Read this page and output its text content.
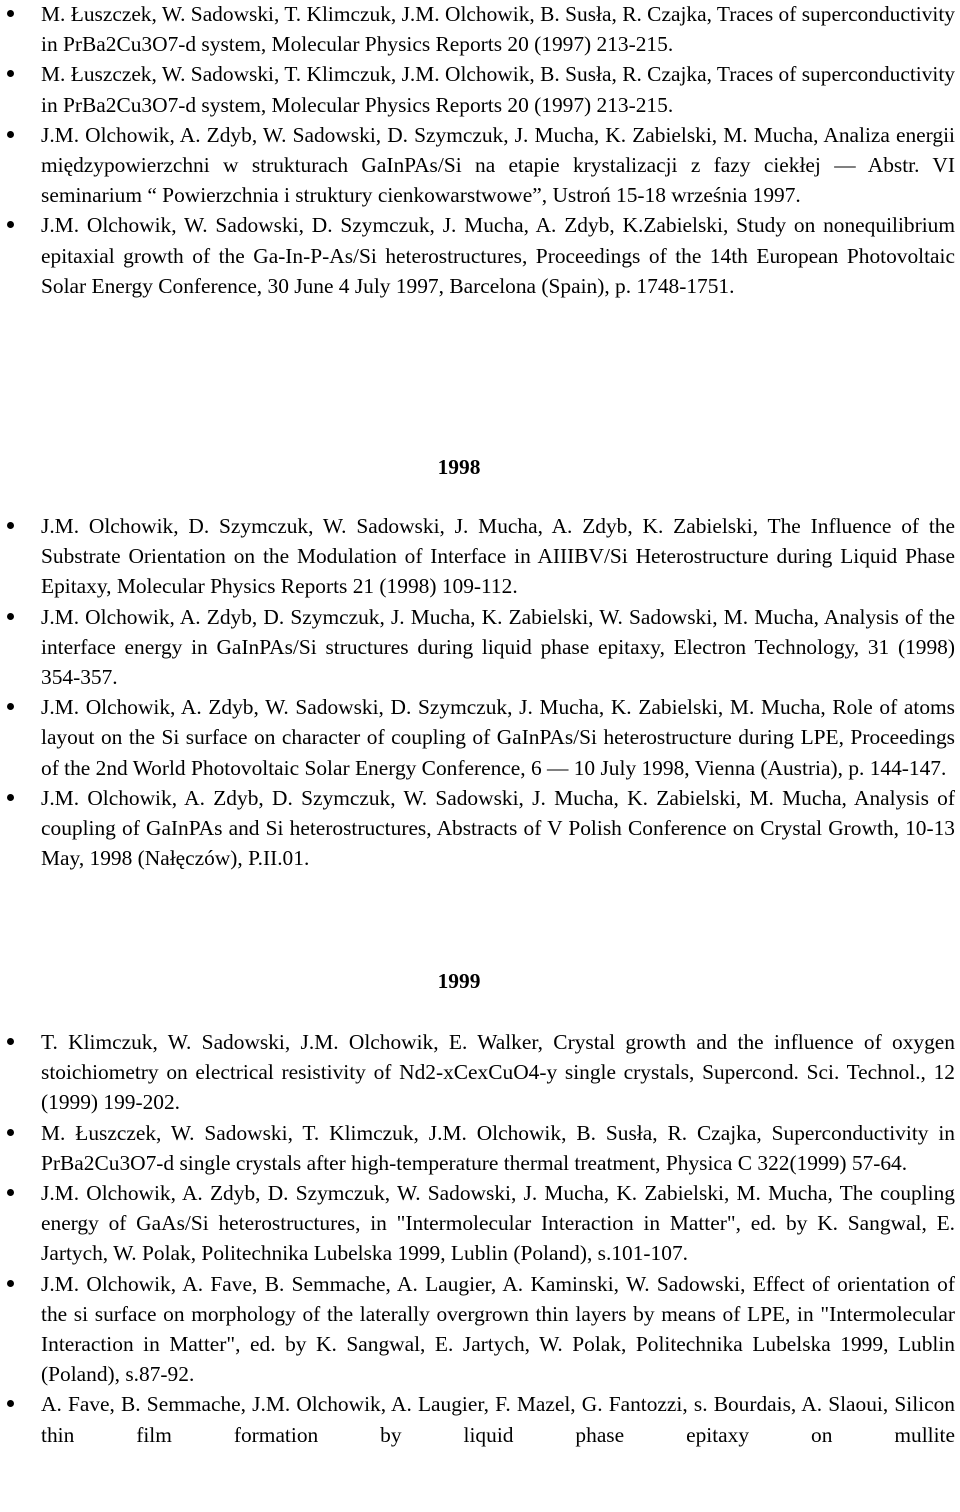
M. Łuszczek, W. Sadowski, T. Klimczuk, J.M. Olchowik, B. Susła, R. Czajka, Traces of superconductivity in PrBa2Cu3O7-d system, Molecular Physics Reports 20 (1997) 213-215.
M. Łuszczek, W. Sadowski, T. Klimczuk, J.M. Olchowik, B. Susła, R. Czajka, Traces of superconductivity in PrBa2Cu3O7-d system, Molecular Physics Reports 20 (1997) 213-215.
J.M. Olchowik, A. Zdyb, W. Sadowski, D. Szymczuk, J. Mucha, K. Zabielski, M. Mucha, Analiza energii międzypowierzchni w strukturach GaInPAs/Si na etapie krystalizacji z fazy ciekłej ― Abstr. VI seminarium “ Powierzchnia i struktury cienkowarstwowe”, Ustroń 15-18 września 1997.
J.M. Olchowik, W. Sadowski, D. Szymczuk, J. Mucha, A. Zdyb, K.Zabielski, Study on nonequilibrium epitaxial growth of the Ga-In-P-As/Si heterostructures, Proceedings of the 14th European Photovoltaic Solar Energy Conference, 30 June 4 July 1997, Barcelona (Spain), p. 1748-1751.
1998
J.M. Olchowik, D. Szymczuk, W. Sadowski, J. Mucha, A. Zdyb, K. Zabielski, The Influence of the Substrate Orientation on the Modulation of Interface in AIIIBV/Si Heterostructure during Liquid Phase Epitaxy, Molecular Physics Reports 21 (1998) 109-112.
J.M. Olchowik, A. Zdyb, D. Szymczuk, J. Mucha, K. Zabielski, W. Sadowski, M. Mucha, Analysis of the interface energy in GaInPAs/Si structures during liquid phase epitaxy, Electron Technology, 31 (1998) 354-357.
J.M. Olchowik, A. Zdyb, W. Sadowski, D. Szymczuk, J. Mucha, K. Zabielski, M. Mucha, Role of atoms layout on the Si surface on character of coupling of GaInPAs/Si heterostructure during LPE, Proceedings of the 2nd World Photovoltaic Solar Energy Conference, 6 ― 10 July 1998, Vienna (Austria), p. 144-147.
J.M. Olchowik, A. Zdyb, D. Szymczuk, W. Sadowski, J. Mucha, K. Zabielski, M. Mucha, Analysis of coupling of GaInPAs and Si heterostructures, Abstracts of V Polish Conference on Crystal Growth, 10-13 May, 1998 (Nałęczów), P.II.01.
1999
T. Klimczuk, W. Sadowski, J.M. Olchowik, E. Walker, Crystal growth and the influence of oxygen stoichiometry on electrical resistivity of Nd2-xCexCuO4-y single crystals, Supercond. Sci. Technol., 12 (1999) 199-202.
M. Łuszczek, W. Sadowski, T. Klimczuk, J.M. Olchowik, B. Susła, R. Czajka, Superconductivity in PrBa2Cu3O7-d single crystals after high-temperature thermal treatment, Physica C 322(1999) 57-64.
J.M. Olchowik, A. Zdyb, D. Szymczuk, W. Sadowski, J. Mucha, K. Zabielski, M. Mucha, The coupling energy of GaAs/Si heterostructures, in "Intermolecular Interaction in Matter", ed. by K. Sangwal, E. Jartych, W. Polak, Politechnika Lubelska 1999, Lublin (Poland), s.101-107.
J.M. Olchowik, A. Fave, B. Semmache, A. Laugier, A. Kaminski, W. Sadowski, Effect of orientation of the si surface on morphology of the laterally overgrown thin layers by means of LPE, in "Intermolecular Interaction in Matter", ed. by K. Sangwal, E. Jartych, W. Polak, Politechnika Lubelska 1999, Lublin (Poland), s.87-92.
A. Fave, B. Semmache, J.M. Olchowik, A. Laugier, F. Mazel, G. Fantozzi, s. Bourdais, A. Slaoui, Silicon thin film formation by liquid phase epitaxy on mullite
